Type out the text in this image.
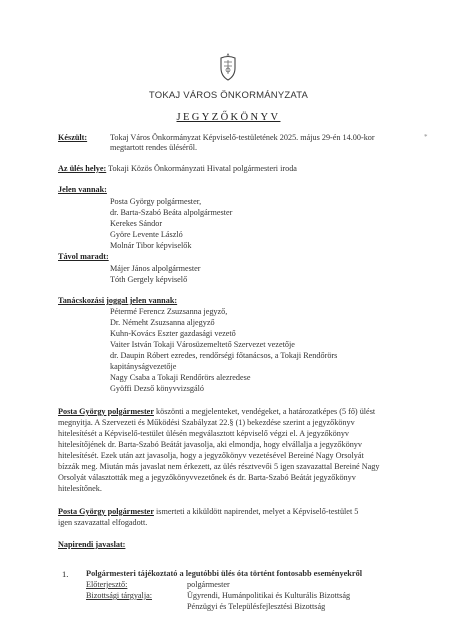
TOKAJ VÁROS ÖNKORMÁNYZATA
JEGYZŐKÖNYV
*
Készült:	Tokaj Város Önkormányzat Képviselő-testületének 2025. május 29-én 14.00-kor
megtartott rendes üléséről.
Az ülés helye: Tokaji Közös Önkormányzati Hivatal polgármesteri iroda
Jelen vannak:
Posta György polgármester,
dr. Barta-Szabó Beáta alpolgármester
Kerekes Sándor
Györe Levente László
Molnár Tibor képviselők
Távol maradt:
Májer János alpolgármester
Tóth Gergely képviselő
Tanácskozási joggal jelen vannak:
Pétermé Ferencz Zsuzsanna jegyző,
Dr. Némeht Zsuzsanna aljegyző
Kuhn-Kovács Eszter gazdasági vezető
Vaiter István Tokaji Városüzemeltető Szervezet vezetője
dr. Daupin Róbert ezredes, rendőrségi főtanácsos, a Tokaji Rendőrörs
kapitányságvezetője
Nagy Csaba a Tokaji Rendőrörs alezredese
Gyöffi Dezső könyvvizsgáló
Posta György polgármester köszönti a megjelenteket, vendégeket, a határozatképes (5 fő) ülést
megnyitja. A Szervezeti és Működési Szabályzat 22.§ (1) bekezdése szerint a jegyzőkönyv
hitelesítését a Képviselő-testület ülésén megválasztott képviselő végzi el. A jegyzőkönyv
hitelesítőjének dr. Barta-Szabó Beátát javasolja, aki elmondja, hogy elvállalja a jegyzőkönyv
hitelesítését. Ezek után azt javasolja, hogy a jegyzőkönyv vezetésével Bereiné Nagy Orsolyát
bízzák meg. Miután más javaslat nem érkezett, az ülés résztvevői 5 igen szavazattal Bereiné Nagy
Orsolyát választották meg a jegyzőkönyvvezetőnek és dr. Barta-Szabó Beátát jegyzőkönyv
hitelesítőnek.
Posta György polgármester ismerteti a kiküldött napirendet, melyet a Képviselő-testület 5
igen szavazattal elfogadott.
Napirendi javaslat:
1. Polgármesteri tájékoztató a legutóbbi ülés óta történt fontosabb eseményekről
Előterjesztő:	polgármester
Bizottsági tárgyalja:	Ügyrendi, Humánpolitikai és Kulturális Bizottság
Pénzügyi és Településfejlesztési Bizottság
